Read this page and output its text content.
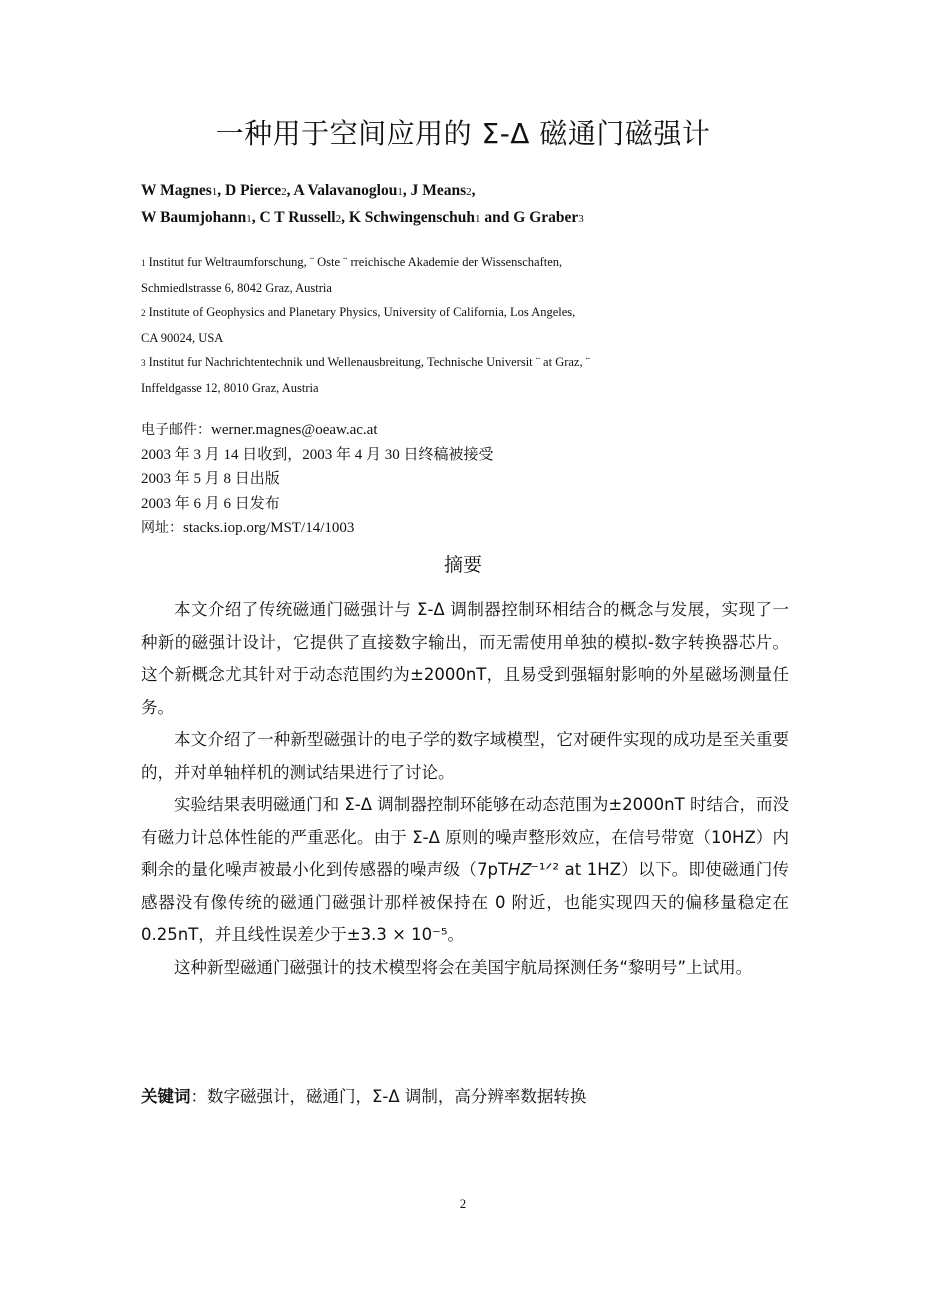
一种用于空间应用的 Σ-Δ 磁通门磁强计
W Magnes1, D Pierce2, A Valavanoglou1, J Means2,
W Baumjohann1, C T Russell2, K Schwingenschuh1 and G Graber3
1 Institut fur Weltraumforschung, ¨ Oste ¨ rreichische Akademie der Wissenschaften,
Schmiedlstrasse 6, 8042 Graz, Austria
2 Institute of Geophysics and Planetary Physics, University of California, Los Angeles,
CA 90024, USA
3 Institut fur Nachrichtentechnik und Wellenausbreitung, Technische Universit ¨ at Graz, ¨
Inffeldgasse 12, 8010 Graz, Austria
电子邮件：werner.magnes@oeaw.ac.at
2003 年 3 月 14 日收到，2003 年 4 月 30 日终稿被接受
2003 年 5 月 8 日出版
2003 年 6 月 6 日发布
网址：stacks.iop.org/MST/14/1003
摘要

本文介绍了传统磁通门磁强计与 Σ-Δ 调制器控制环相结合的概念与发展，实现了一种新的磁强计设计，它提供了直接数字输出，而无需使用单独的模拟-数字转换器芯片。这个新概念尤其针对于动态范围约为±2000nT，且易受到强辐射影响的外星磁场测量任务。

本文介绍了一种新型磁强计的电子学的数字域模型，它对硬件实现的成功是至关重要的，并对单轴样机的测试结果进行了讨论。

实验结果表明磁通门和 Σ-Δ 调制器控制环能够在动态范围为±2000nT 时结合，而没有磁力计总体性能的严重恶化。由于 Σ-Δ 原则的噪声整形效应，在信号带宽（10HZ）内剩余的量化噪声被最小化到传感器的噪声级（7pT𝐻𝑍⁻¹ᐟ² at 1HZ）以下。即使磁通门传感器没有像传统的磁通门磁强计那样被保持在 0 附近，也能实现四天的偏移量稳定在 0.25nT，并且线性误差少于±3.3 × 10⁻⁵。

这种新型磁通门磁强计的技术模型将会在美国宇航局探测任务“黎明号”上试用。

关键词：数字磁强计，磁通门，Σ-Δ 调制，高分辨率数据转换
2
